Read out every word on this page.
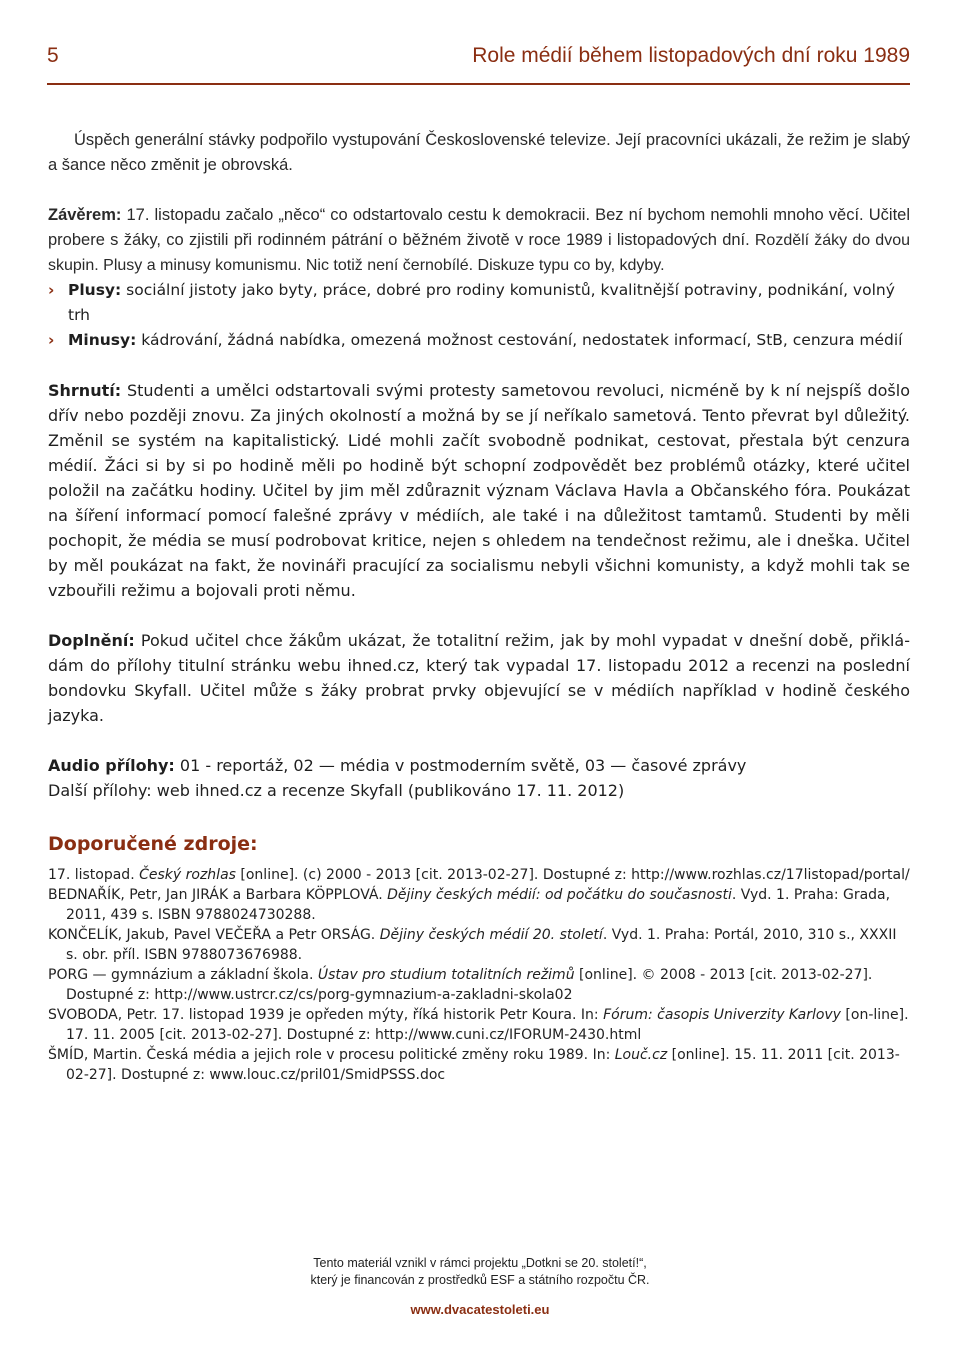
5	Role médií během listopadových dní roku 1989

Úspěch generální stávky podpořilo vystupování Československé televize. Její pracovníci ukázali, že režim je slabý a šance něco změnit je obrovská.

Závěrem: 17. listopadu začalo „něco“ co odstartovalo cestu k demokracii. Bez ní bychom nemohli mnoho věcí. Učitel probere s žáky, co zjistili při rodinném pátrání o běžném životě v roce 1989 i listopadových dní. Rozdělí žáky do dvou skupin. Plusy a minusy komunismu. Nic totiž není černobílé. Diskuze typu co by, kdyby.

› Plusy: sociální jistoty jako byty, práce, dobré pro rodiny komunistů, kvalitnější potraviny, podnikání, volný trh
› Minusy: kádrování, žádná nabídka, omezená možnost cestování, nedostatek informací, StB, cenzura médií

Shrnutí: Studenti a umělci odstartovali svými protesty sametovou revoluci, nicméně by k ní nejspíš došlo dřív nebo později znovu. Za jiných okolností a možná by se jí neříkalo sametová. Tento převrat byl důležitý. Změnil se systém na kapitalistický. Lidé mohli začít svobodně podnikat, cestovat, přestala být cenzura médií. Žáci si by si po hodině měli po hodině být schopní zodpovědět bez problémů otázky, které učitel položil na začátku hodiny. Učitel by jim měl zdůraznit význam Václava Havla a Občanského fóra. Poukázat na šíření informací pomocí falešné zprávy v médiích, ale také i na důležitost tamtamů. Studenti by měli pochopit, že média se musí podrobovat kritice, nejen s ohledem na tendečnost režimu, ale i dneška. Učitel by měl poukázat na fakt, že novináři pracující za socialismu nebyli všichni komunisty, a když mohli tak se vzbouřili režimu a bojovali proti němu.

Doplnění: Pokud učitel chce žákům ukázat, že totalitní režim, jak by mohl vypadat v dnešní době, přiklá-dám do přílohy titulní stránku webu ihned.cz, který tak vypadal 17. listopadu 2012 a recenzi na poslední bondovku Skyfall. Učitel může s žáky probrat prvky objevující se v médiích například v hodině českého jazyka.

Audio přílohy: 01 - reportáž, 02 — média v postmoderním světě, 03 — časové zprávy

Další přílohy: web ihned.cz a recenze Skyfall (publikováno 17. 11. 2012)

Doporučené zdroje:

17. listopad. Český rozhlas [online]. (c) 2000 - 2013 [cit. 2013-02-27]. Dostupné z: http://www.rozhlas.cz/17listopad/portal/

BEDNAŘÍK, Petr, Jan JIRÁK a Barbara KÖPPLOVÁ. Dějiny českých médií: od počátku do současnosti. Vyd. 1. Praha: Grada, 2011, 439 s. ISBN 9788024730288.

KONČELÍK, Jakub, Pavel VEČEŘA a Petr ORSÁG. Dějiny českých médií 20. století. Vyd. 1. Praha: Portál, 2010, 310 s., XXXII s. obr. příl. ISBN 9788073676988.

PORG — gymnázium a základní škola. Ústav pro studium totalitních režimů [online]. © 2008 - 2013 [cit. 2013-02-27]. Dostupné z: http://www.ustrcr.cz/cs/porg-gymnazium-a-zakladni-skola02

SVOBODA, Petr. 17. listopad 1939 je opředen mýty, říká historik Petr Koura. In: Fórum: časopis Univerzity Karlovy [on-line]. 17. 11. 2005 [cit. 2013-02-27]. Dostupné z: http://www.cuni.cz/IFORUM-2430.html

ŠMÍD, Martin. Česká média a jejich role v procesu politické změny roku 1989. In: Louč.cz [online]. 15. 11. 2011 [cit. 2013-02-27]. Dostupné z: www.louc.cz/pril01/SmidPSSS.doc

Tento materiál vznikl v rámci projektu „Dotkni se 20. století!“,
který je financován z prostředků ESF a státního rozpočtu ČR.
www.dvacatestoleti.eu
